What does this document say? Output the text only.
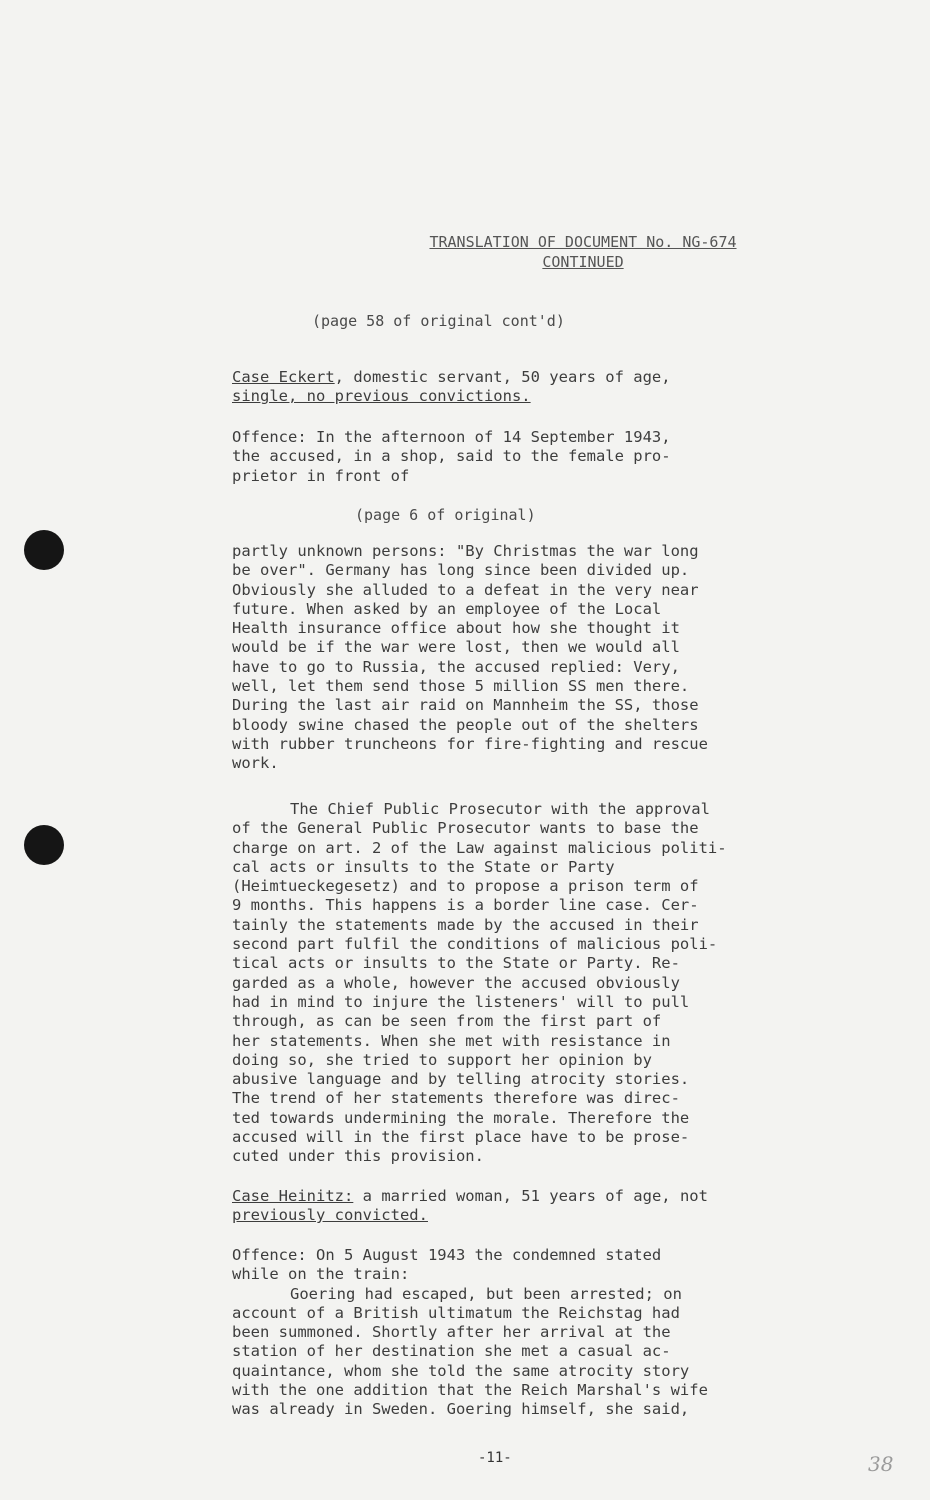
TRANSLATION OF DOCUMENT No. NG-674
CONTINUED
(page 58 of original cont'd)
Case Eckert, domestic servant, 50 years of age,
single, no previous convictions.
Offence: In the afternoon of 14 September 1943,
the accused, in a shop, said to the female pro-
prietor in front of
(page 6 of original)
partly unknown persons: "By Christmas the war long
be over". Germany has long since been divided up.
Obviously she alluded to a defeat in the very near
future. When asked by an employee of the Local
Health insurance office about how she thought it
would be if the war were lost, then we would all
have to go to Russia, the accused replied: Very,
well, let them send those 5 million SS men there.
During the last air raid on Mannheim the SS, those
bloody swine chased the people out of the shelters
with rubber truncheons for fire-fighting and rescue
work.
The Chief Public Prosecutor with the approval
of the General Public Prosecutor wants to base the
charge on art. 2 of the Law against malicious politi-
cal acts or insults to the State or Party
(Heimtueckegesetz) and to propose a prison term of
9 months. This happens is a border line case. Cer-
tainly the statements made by the accused in their
second part fulfil the conditions of malicious poli-
tical acts or insults to the State or Party. Re-
garded as a whole, however the accused obviously
had in mind to injure the listeners' will to pull
through, as can be seen from the first part of
her statements. When she met with resistance in
doing so, she tried to support her opinion by
abusive language and by telling atrocity stories.
The trend of her statements therefore was direc-
ted towards undermining the morale. Therefore the
accused will in the first place have to be prose-
cuted under this provision.
Case Heinitz: a married woman, 51 years of age, not
previously convicted.
Offence: On 5 August 1943 the condemned stated
while on the train:
Goering had escaped, but been arrested; on
account of a British ultimatum the Reichstag had
been summoned. Shortly after her arrival at the
station of her destination she met a casual ac-
quaintance, whom she told the same atrocity story
with the one addition that the Reich Marshal's wife
was already in Sweden. Goering himself, she said,
-11-	38
